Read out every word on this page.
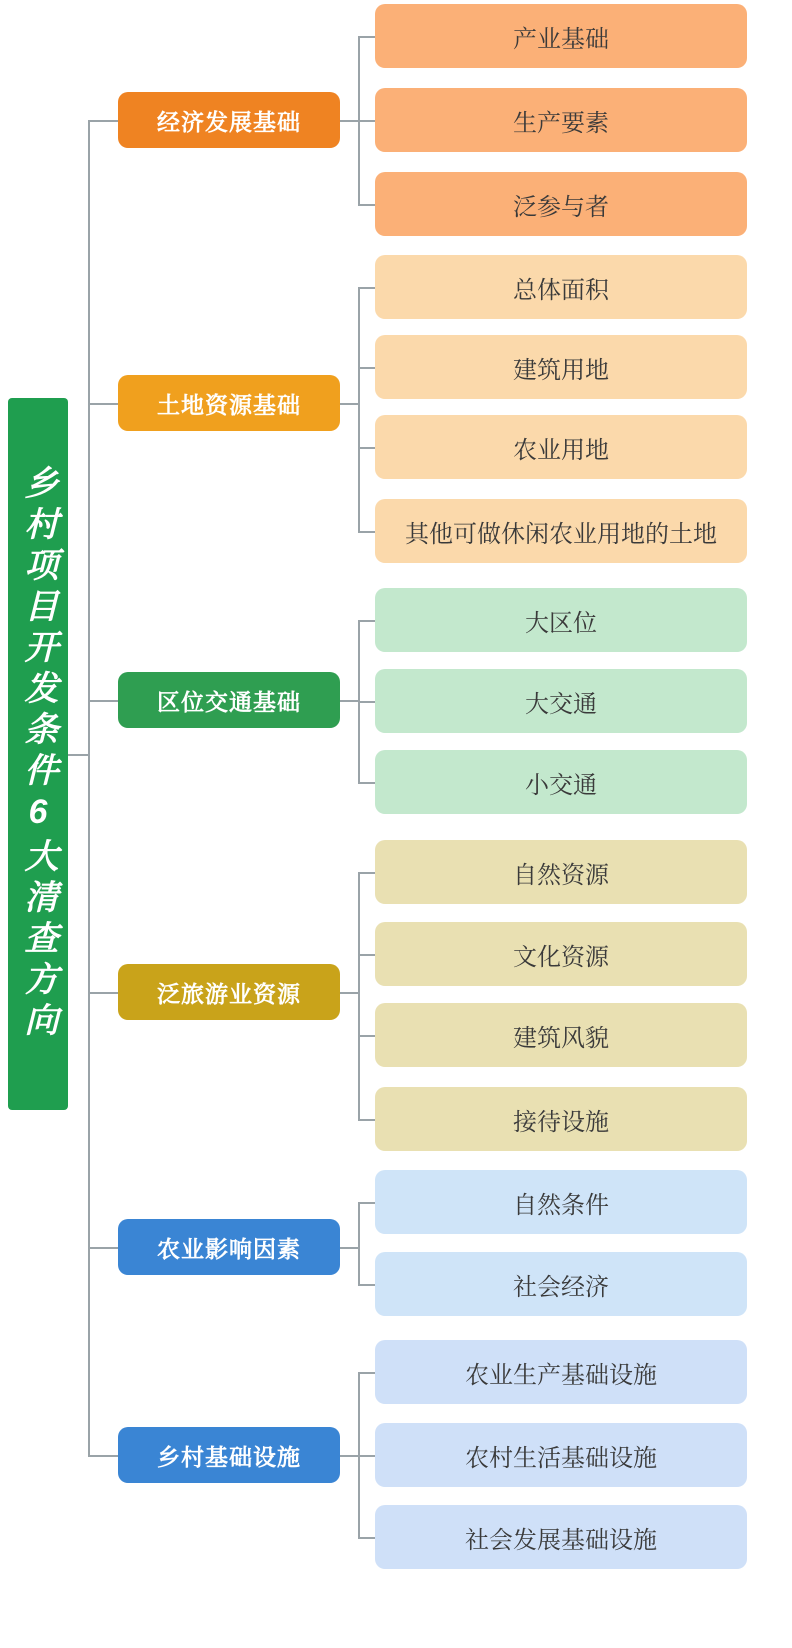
乡村项目开发条件6大清查方向
经济发展基础
产业基础
生产要素
泛参与者
土地资源基础
总体面积
建筑用地
农业用地
其他可做休闲农业用地的土地
区位交通基础
大区位
大交通
小交通
泛旅游业资源
自然资源
文化资源
建筑风貌
接待设施
农业影响因素
自然条件
社会经济
乡村基础设施
农业生产基础设施
农村生活基础设施
社会发展基础设施
